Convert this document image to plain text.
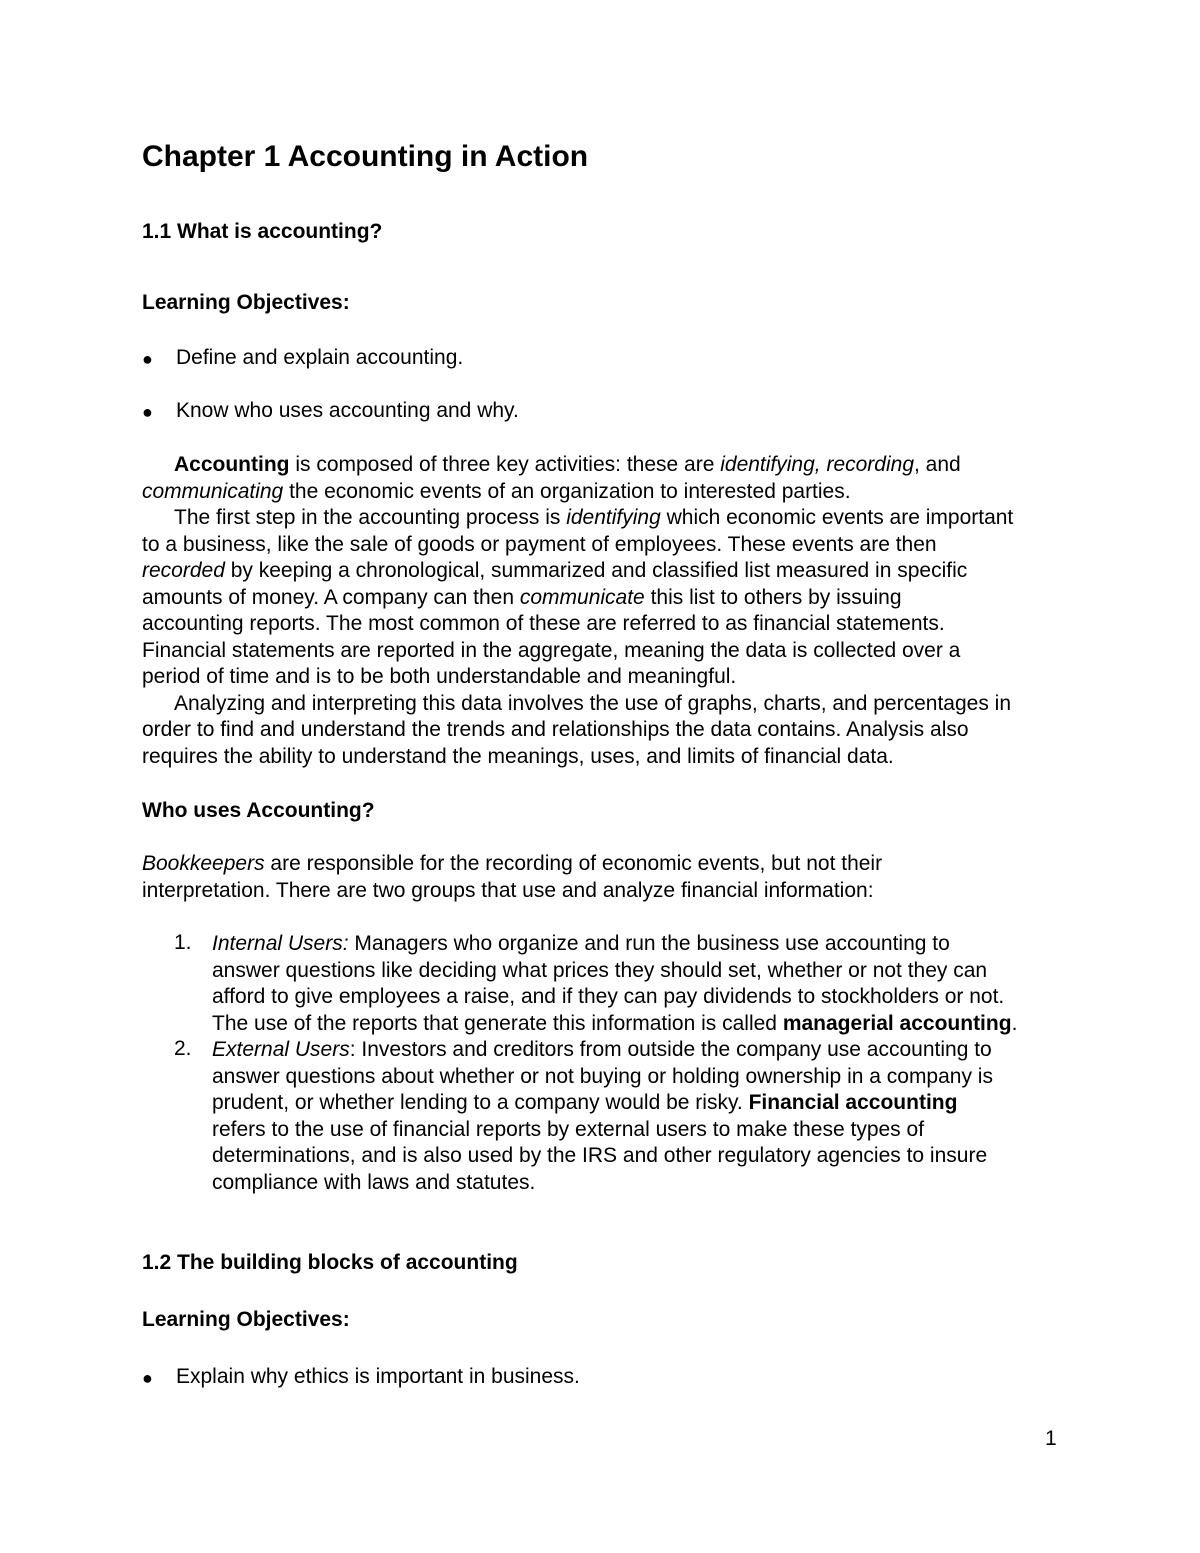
Chapter 1 Accounting in Action
1.1 What is accounting?
Learning Objectives:
● Define and explain accounting.
● Know who uses accounting and why.
Accounting is composed of three key activities: these are identifying, recording, and
communicating the economic events of an organization to interested parties.
The first step in the accounting process is identifying which economic events are important
to a business, like the sale of goods or payment of employees. These events are then
recorded by keeping a chronological, summarized and classified list measured in specific
amounts of money. A company can then communicate this list to others by issuing
accounting reports. The most common of these are referred to as financial statements.
Financial statements are reported in the aggregate, meaning the data is collected over a
period of time and is to be both understandable and meaningful.
Analyzing and interpreting this data involves the use of graphs, charts, and percentages in
order to find and understand the trends and relationships the data contains. Analysis also
requires the ability to understand the meanings, uses, and limits of financial data.
Who uses Accounting?
Bookkeepers are responsible for the recording of economic events, but not their
interpretation. There are two groups that use and analyze financial information:
1. Internal Users: Managers who organize and run the business use accounting to
answer questions like deciding what prices they should set, whether or not they can
afford to give employees a raise, and if they can pay dividends to stockholders or not.
The use of the reports that generate this information is called managerial accounting.
2. External Users: Investors and creditors from outside the company use accounting to
answer questions about whether or not buying or holding ownership in a company is
prudent, or whether lending to a company would be risky. Financial accounting
refers to the use of financial reports by external users to make these types of
determinations, and is also used by the IRS and other regulatory agencies to insure
compliance with laws and statutes.
1.2 The building blocks of accounting
Learning Objectives:
● Explain why ethics is important in business.
1
